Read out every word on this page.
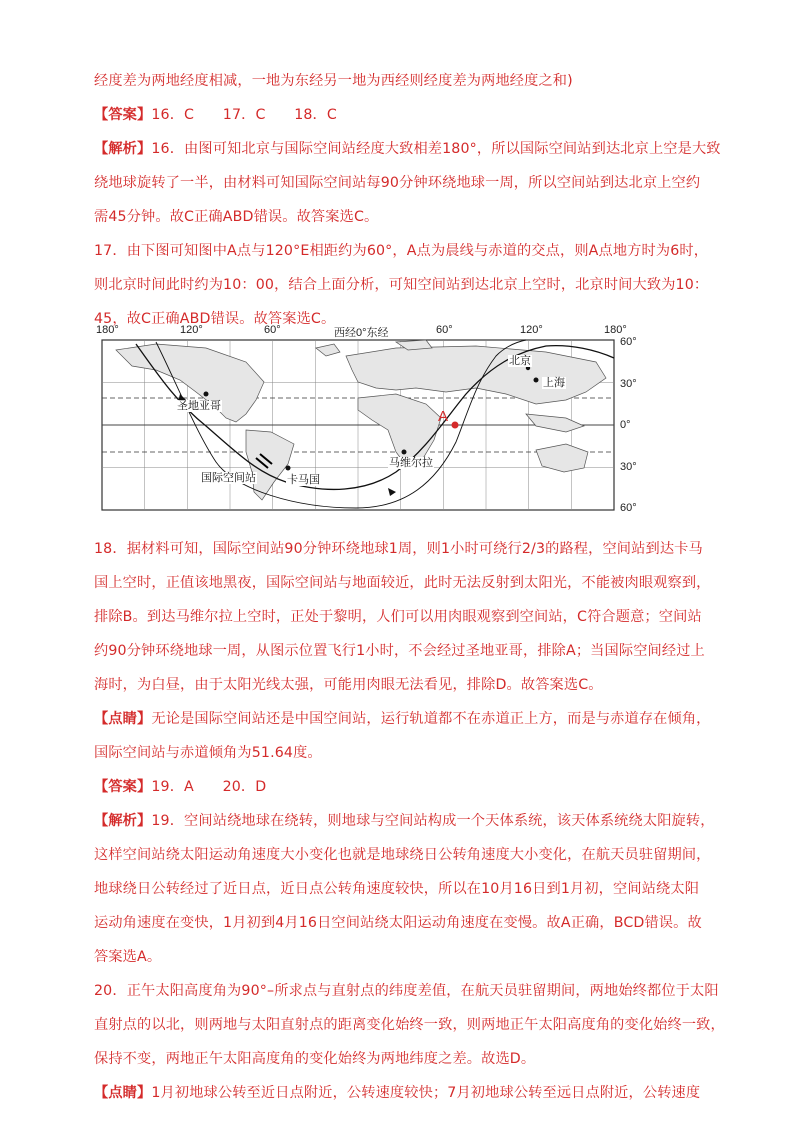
经度差为两地经度相减，一地为东经另一地为西经则经度差为两地经度之和)
【答案】16．C　　17．C　　18．C
【解析】16．由图可知北京与国际空间站经度大致相差180°，所以国际空间站到达北京上空是大致
绕地球旋转了一半，由材料可知国际空间站每90分钟环绕地球一周，所以空间站到达北京上空约
需45分钟。故C正确ABD错误。故答案选C。
17．由下图可知图中A点与120°E相距约为60°，A点为晨线与赤道的交点，则A点地方时为6时，
则北京时间此时约为10：00，结合上面分析，可知空间站到达北京上空时，北京时间大致为10：
45，故C正确ABD错误。故答案选C。
180°	120°	60°	西经0°东经	60°	120°	180°
60°
30°
0°
30°
60°
北京
上海
圣地亚哥
国际空间站	卡马国
马维尔拉
A
18．据材料可知，国际空间站90分钟环绕地球1周，则1小时可绕行2/3的路程，空间站到达卡马
国上空时，正值该地黑夜，国际空间站与地面较近，此时无法反射到太阳光，不能被肉眼观察到，
排除B。到达马维尔拉上空时，正处于黎明，人们可以用肉眼观察到空间站，C符合题意；空间站
约90分钟环绕地球一周，从图示位置飞行1小时，不会经过圣地亚哥，排除A；当国际空间经过上
海时，为白昼，由于太阳光线太强，可能用肉眼无法看见，排除D。故答案选C。
【点睛】无论是国际空间站还是中国空间站，运行轨道都不在赤道正上方，而是与赤道存在倾角，
国际空间站与赤道倾角为51.64度。
【答案】19．A　　20．D
【解析】19．空间站绕地球在绕转，则地球与空间站构成一个天体系统，该天体系统绕太阳旋转，
这样空间站绕太阳运动角速度大小变化也就是地球绕日公转角速度大小变化，在航天员驻留期间，
地球绕日公转经过了近日点，近日点公转角速度较快，所以在10月16日到1月初，空间站绕太阳
运动角速度在变快，1月初到4月16日空间站绕太阳运动角速度在变慢。故A正确，BCD错误。故
答案选A。
20．正午太阳高度角为90°–所求点与直射点的纬度差值，在航天员驻留期间，两地始终都位于太阳
直射点的以北，则两地与太阳直射点的距离变化始终一致，则两地正午太阳高度角的变化始终一致，
保持不变，两地正午太阳高度角的变化始终为两地纬度之差。故选D。
【点睛】1月初地球公转至近日点附近，公转速度较快；7月初地球公转至远日点附近，公转速度
